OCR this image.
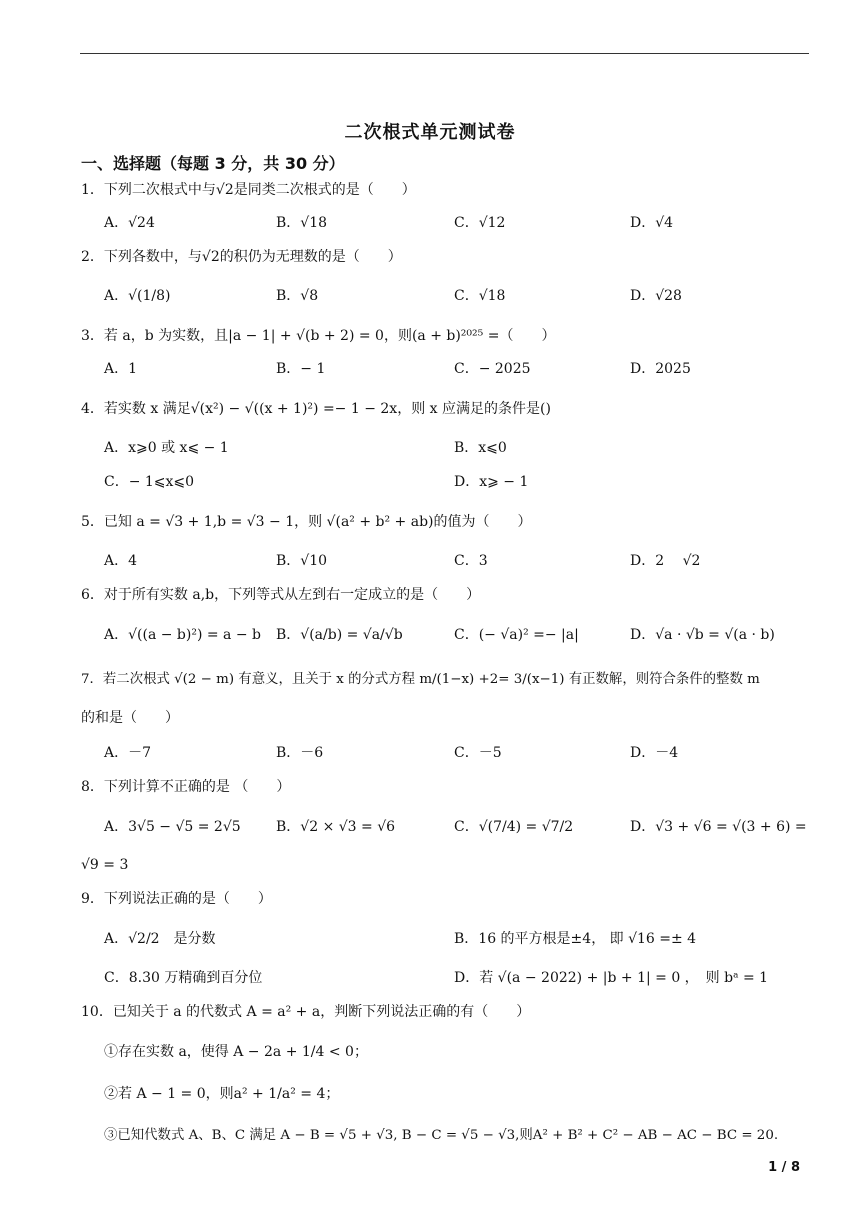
二次根式单元测试卷
一、选择题（每题 3 分，共 30 分）
1．下列二次根式中与√2是同类二次根式的是（　　）
A．√24	B．√18	C．√12	D．√4
2．下列各数中，与√2的积仍为无理数的是（　　）
A．√(1/8)	B．√8	C．√18	D．√28
3．若 a，b 为实数，且|a − 1| + √(b + 2) = 0，则(a + b)²⁰²⁵ =（　　）
A．1	B．− 1	C．− 2025	D．2025
4．若实数 x 满足√(x²) − √((x + 1)²) =− 1 − 2x，则 x 应满足的条件是()
A．x⩾0 或 x⩽ − 1	B．x⩽0
C．− 1⩽x⩽0	D．x⩾ − 1
5．已知 a = √3 + 1,b = √3 − 1，则 √(a² + b² + ab)的值为（　　）
A．4	B．√10	C．3	D．2　 √2
6．对于所有实数 a,b，下列等式从左到右一定成立的是（　　）
A．√((a − b)²) = a − b B．√(a/b) = √a/√b	C．(− √a)² =− |a|	D．√a · √b = √(a · b)
7．若二次根式 √(2 − m) 有意义，且关于 x 的分式方程 m/(1−x) +2= 3/(x−1) 有正数解，则符合条件的整数 m
的和是（　　）
A．－7	B．－6	C．－5	D．－4
8．下列计算不正确的是 （　　）
A．3√5 − √5 = 2√5	B．√2 × √3 = √6	C．√(7/4) = √7/2	D．√3 + √6 = √(3 + 6) =
√9 = 3
9．下列说法正确的是（　　）
A．√2/2　是分数	B．16 的平方根是±4， 即 √16 =± 4
C．8.30 万精确到百分位	D．若 √(a − 2022) + |b + 1| = 0 ，　则 bᵃ = 1
10．已知关于 a 的代数式 A = a² + a，判断下列说法正确的有（　　）
①存在实数 a，使得 A − 2a + 1/4 < 0；
②若 A − 1 = 0，则a² + 1/a² = 4；
③已知代数式 A、B、C 满足 A − B = √5 + √3, B − C = √5 − √3,则A² + B² + C² − AB − AC − BC = 20.
1 / 8
